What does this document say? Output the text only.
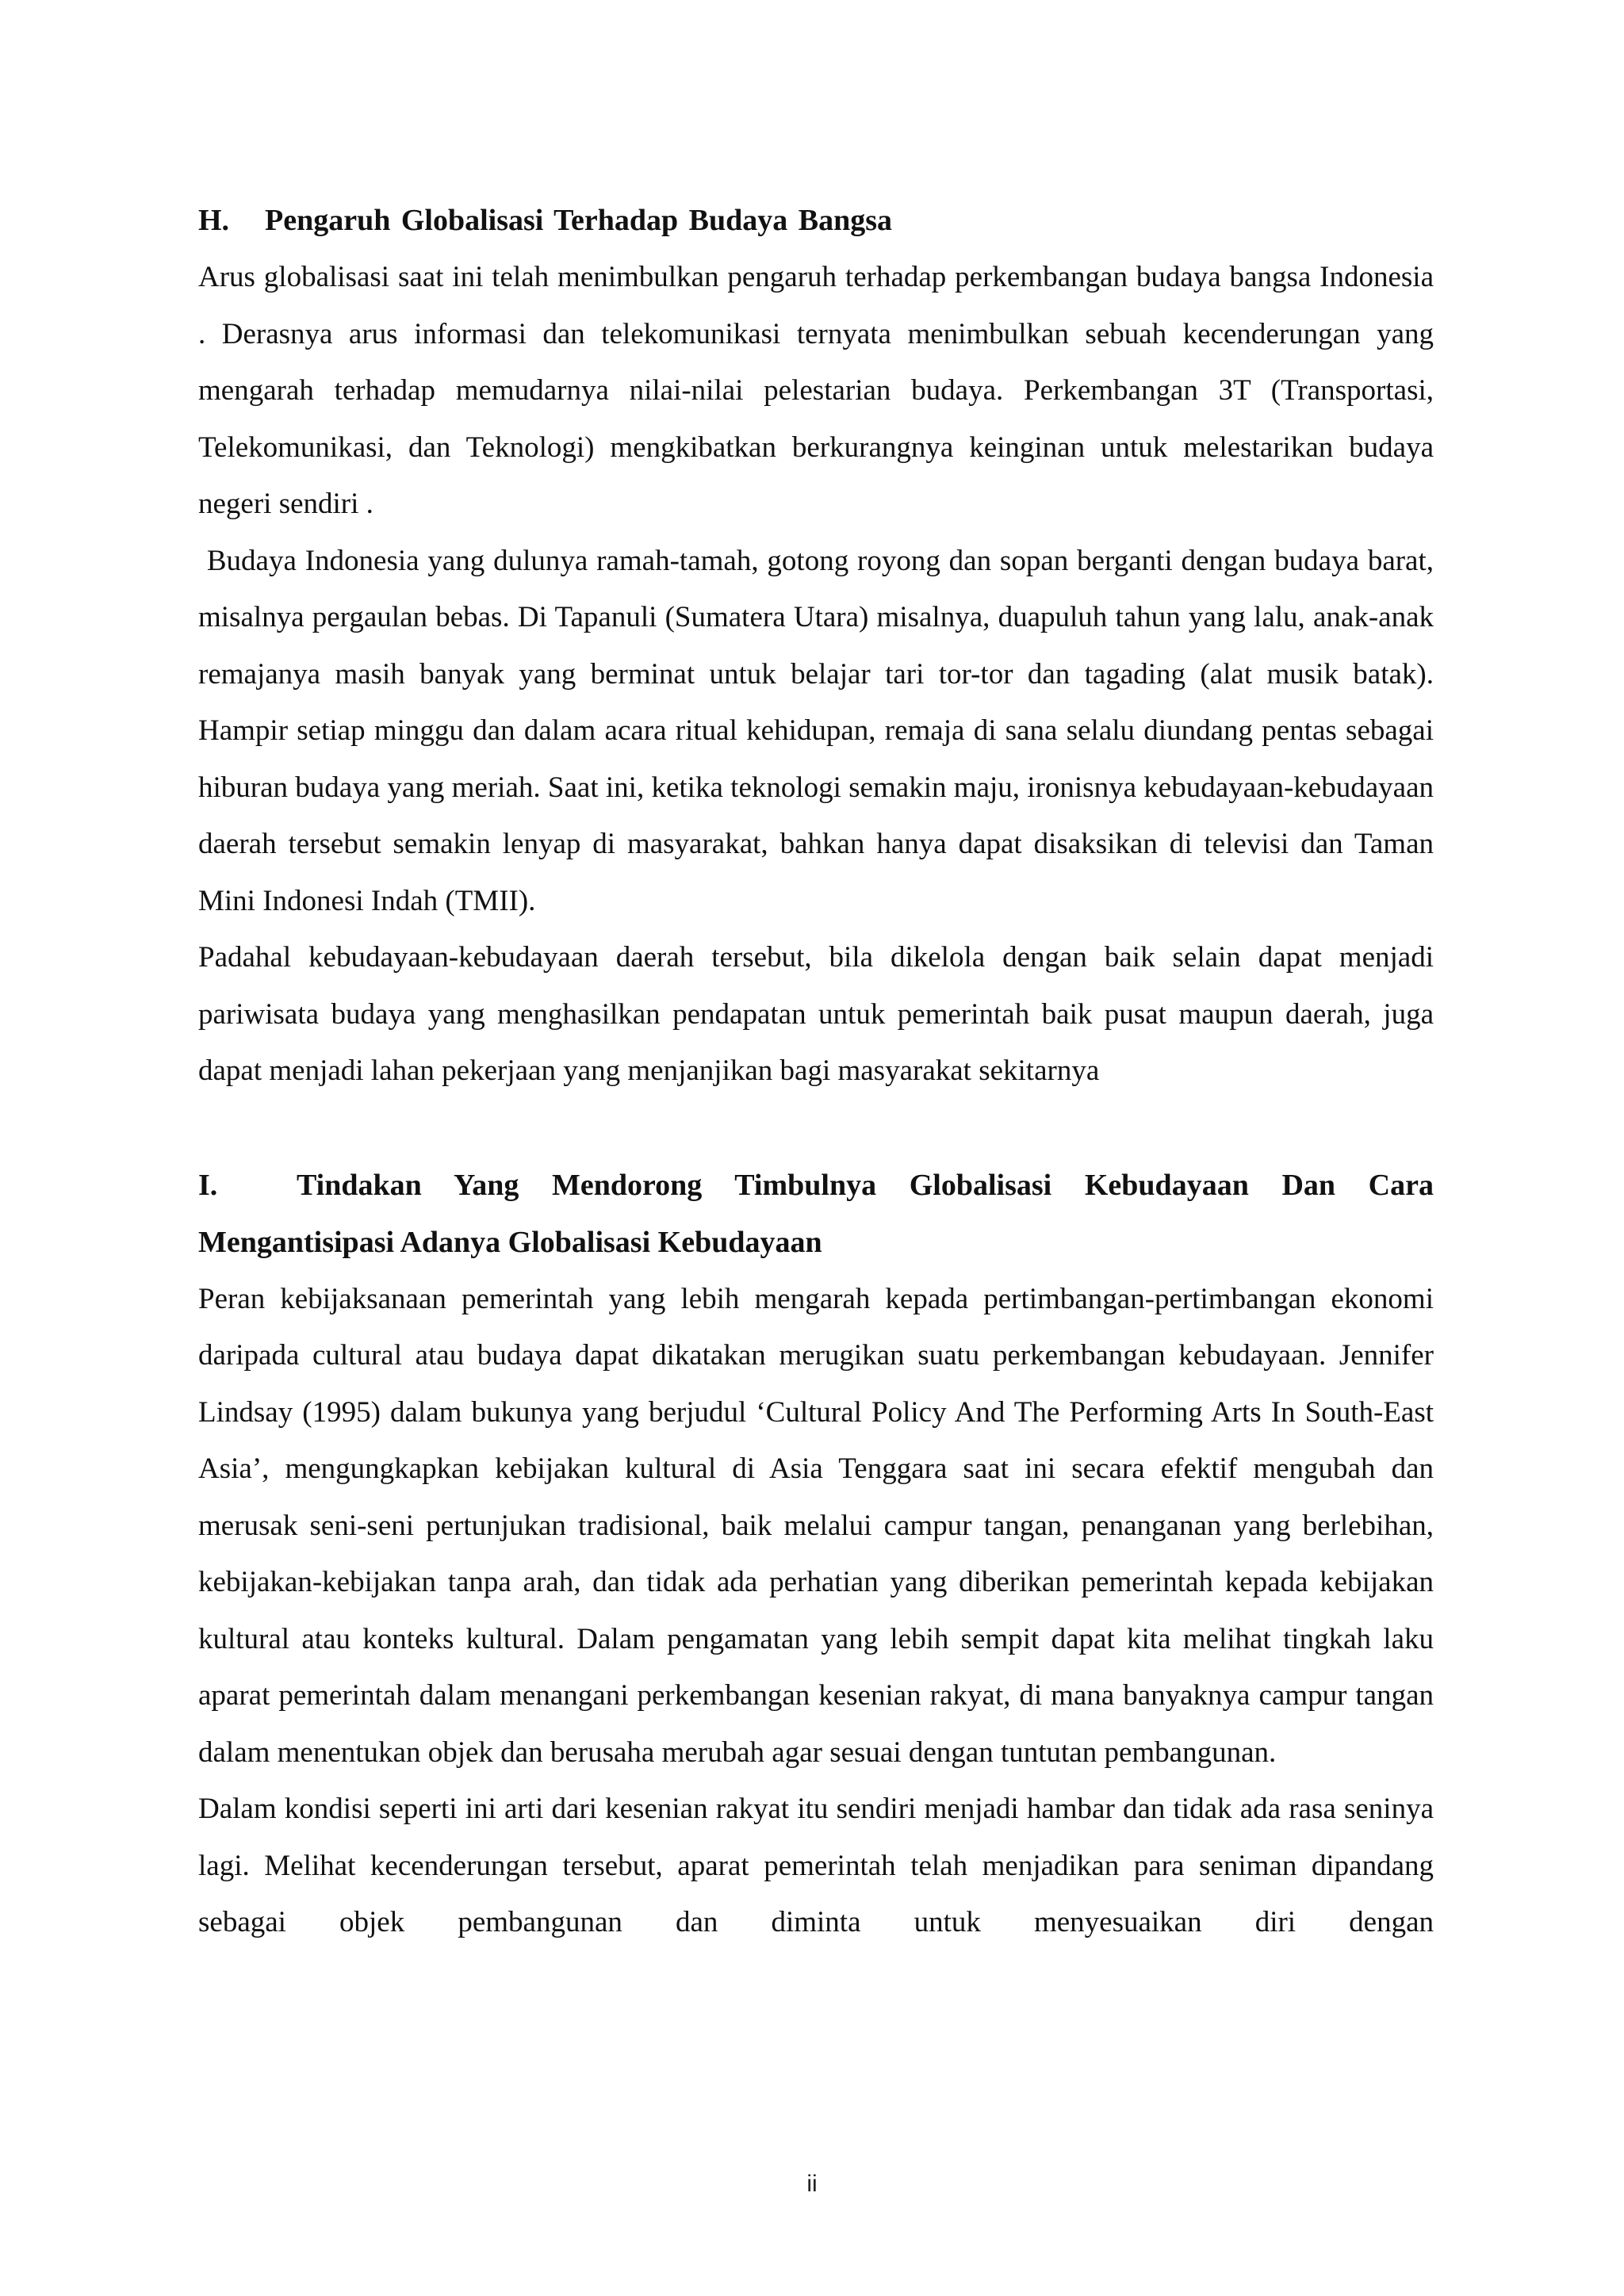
H.	Pengaruh Globalisasi Terhadap Budaya Bangsa

Arus globalisasi saat ini telah menimbulkan pengaruh terhadap perkembangan budaya bangsa Indonesia . Derasnya arus informasi dan telekomunikasi ternyata menimbulkan sebuah kecenderungan yang mengarah terhadap memudarnya nilai-nilai pelestarian budaya. Perkembangan 3T (Transportasi, Telekomunikasi, dan Teknologi) mengkibatkan berkurangnya keinginan untuk melestarikan budaya negeri sendiri .

Budaya Indonesia yang dulunya ramah-tamah, gotong royong dan sopan berganti dengan budaya barat, misalnya pergaulan bebas. Di Tapanuli (Sumatera Utara) misalnya, duapuluh tahun yang lalu, anak-anak remajanya masih banyak yang berminat untuk belajar tari tor-tor dan tagading (alat musik batak). Hampir setiap minggu dan dalam acara ritual kehidupan, remaja di sana selalu diundang pentas sebagai hiburan budaya yang meriah. Saat ini, ketika teknologi semakin maju, ironisnya kebudayaan-kebudayaan daerah tersebut semakin lenyap di masyarakat, bahkan hanya dapat disaksikan di televisi dan Taman Mini Indonesi Indah (TMII).

Padahal kebudayaan-kebudayaan daerah tersebut, bila dikelola dengan baik selain dapat menjadi pariwisata budaya yang menghasilkan pendapatan untuk pemerintah baik pusat maupun daerah, juga dapat menjadi lahan pekerjaan yang menjanjikan bagi masyarakat sekitarnya

I.	Tindakan Yang Mendorong Timbulnya Globalisasi Kebudayaan Dan Cara Mengantisipasi Adanya Globalisasi Kebudayaan

Peran kebijaksanaan pemerintah yang lebih mengarah kepada pertimbangan-pertimbangan ekonomi daripada cultural atau budaya dapat dikatakan merugikan suatu perkembangan kebudayaan. Jennifer Lindsay (1995) dalam bukunya yang berjudul ‘Cultural Policy And The Performing Arts In South-East Asia’, mengungkapkan kebijakan kultural di Asia Tenggara saat ini secara efektif mengubah dan merusak seni-seni pertunjukan tradisional, baik melalui campur tangan, penanganan yang berlebihan, kebijakan-kebijakan tanpa arah, dan tidak ada perhatian yang diberikan pemerintah kepada kebijakan kultural atau konteks kultural. Dalam pengamatan yang lebih sempit dapat kita melihat tingkah laku aparat pemerintah dalam menangani perkembangan kesenian rakyat, di mana banyaknya campur tangan dalam menentukan objek dan berusaha merubah agar sesuai dengan tuntutan pembangunan.

Dalam kondisi seperti ini arti dari kesenian rakyat itu sendiri menjadi hambar dan tidak ada rasa seninya lagi. Melihat kecenderungan tersebut, aparat pemerintah telah menjadikan para seniman dipandang sebagai objek pembangunan dan diminta untuk menyesuaikan diri dengan

ii
